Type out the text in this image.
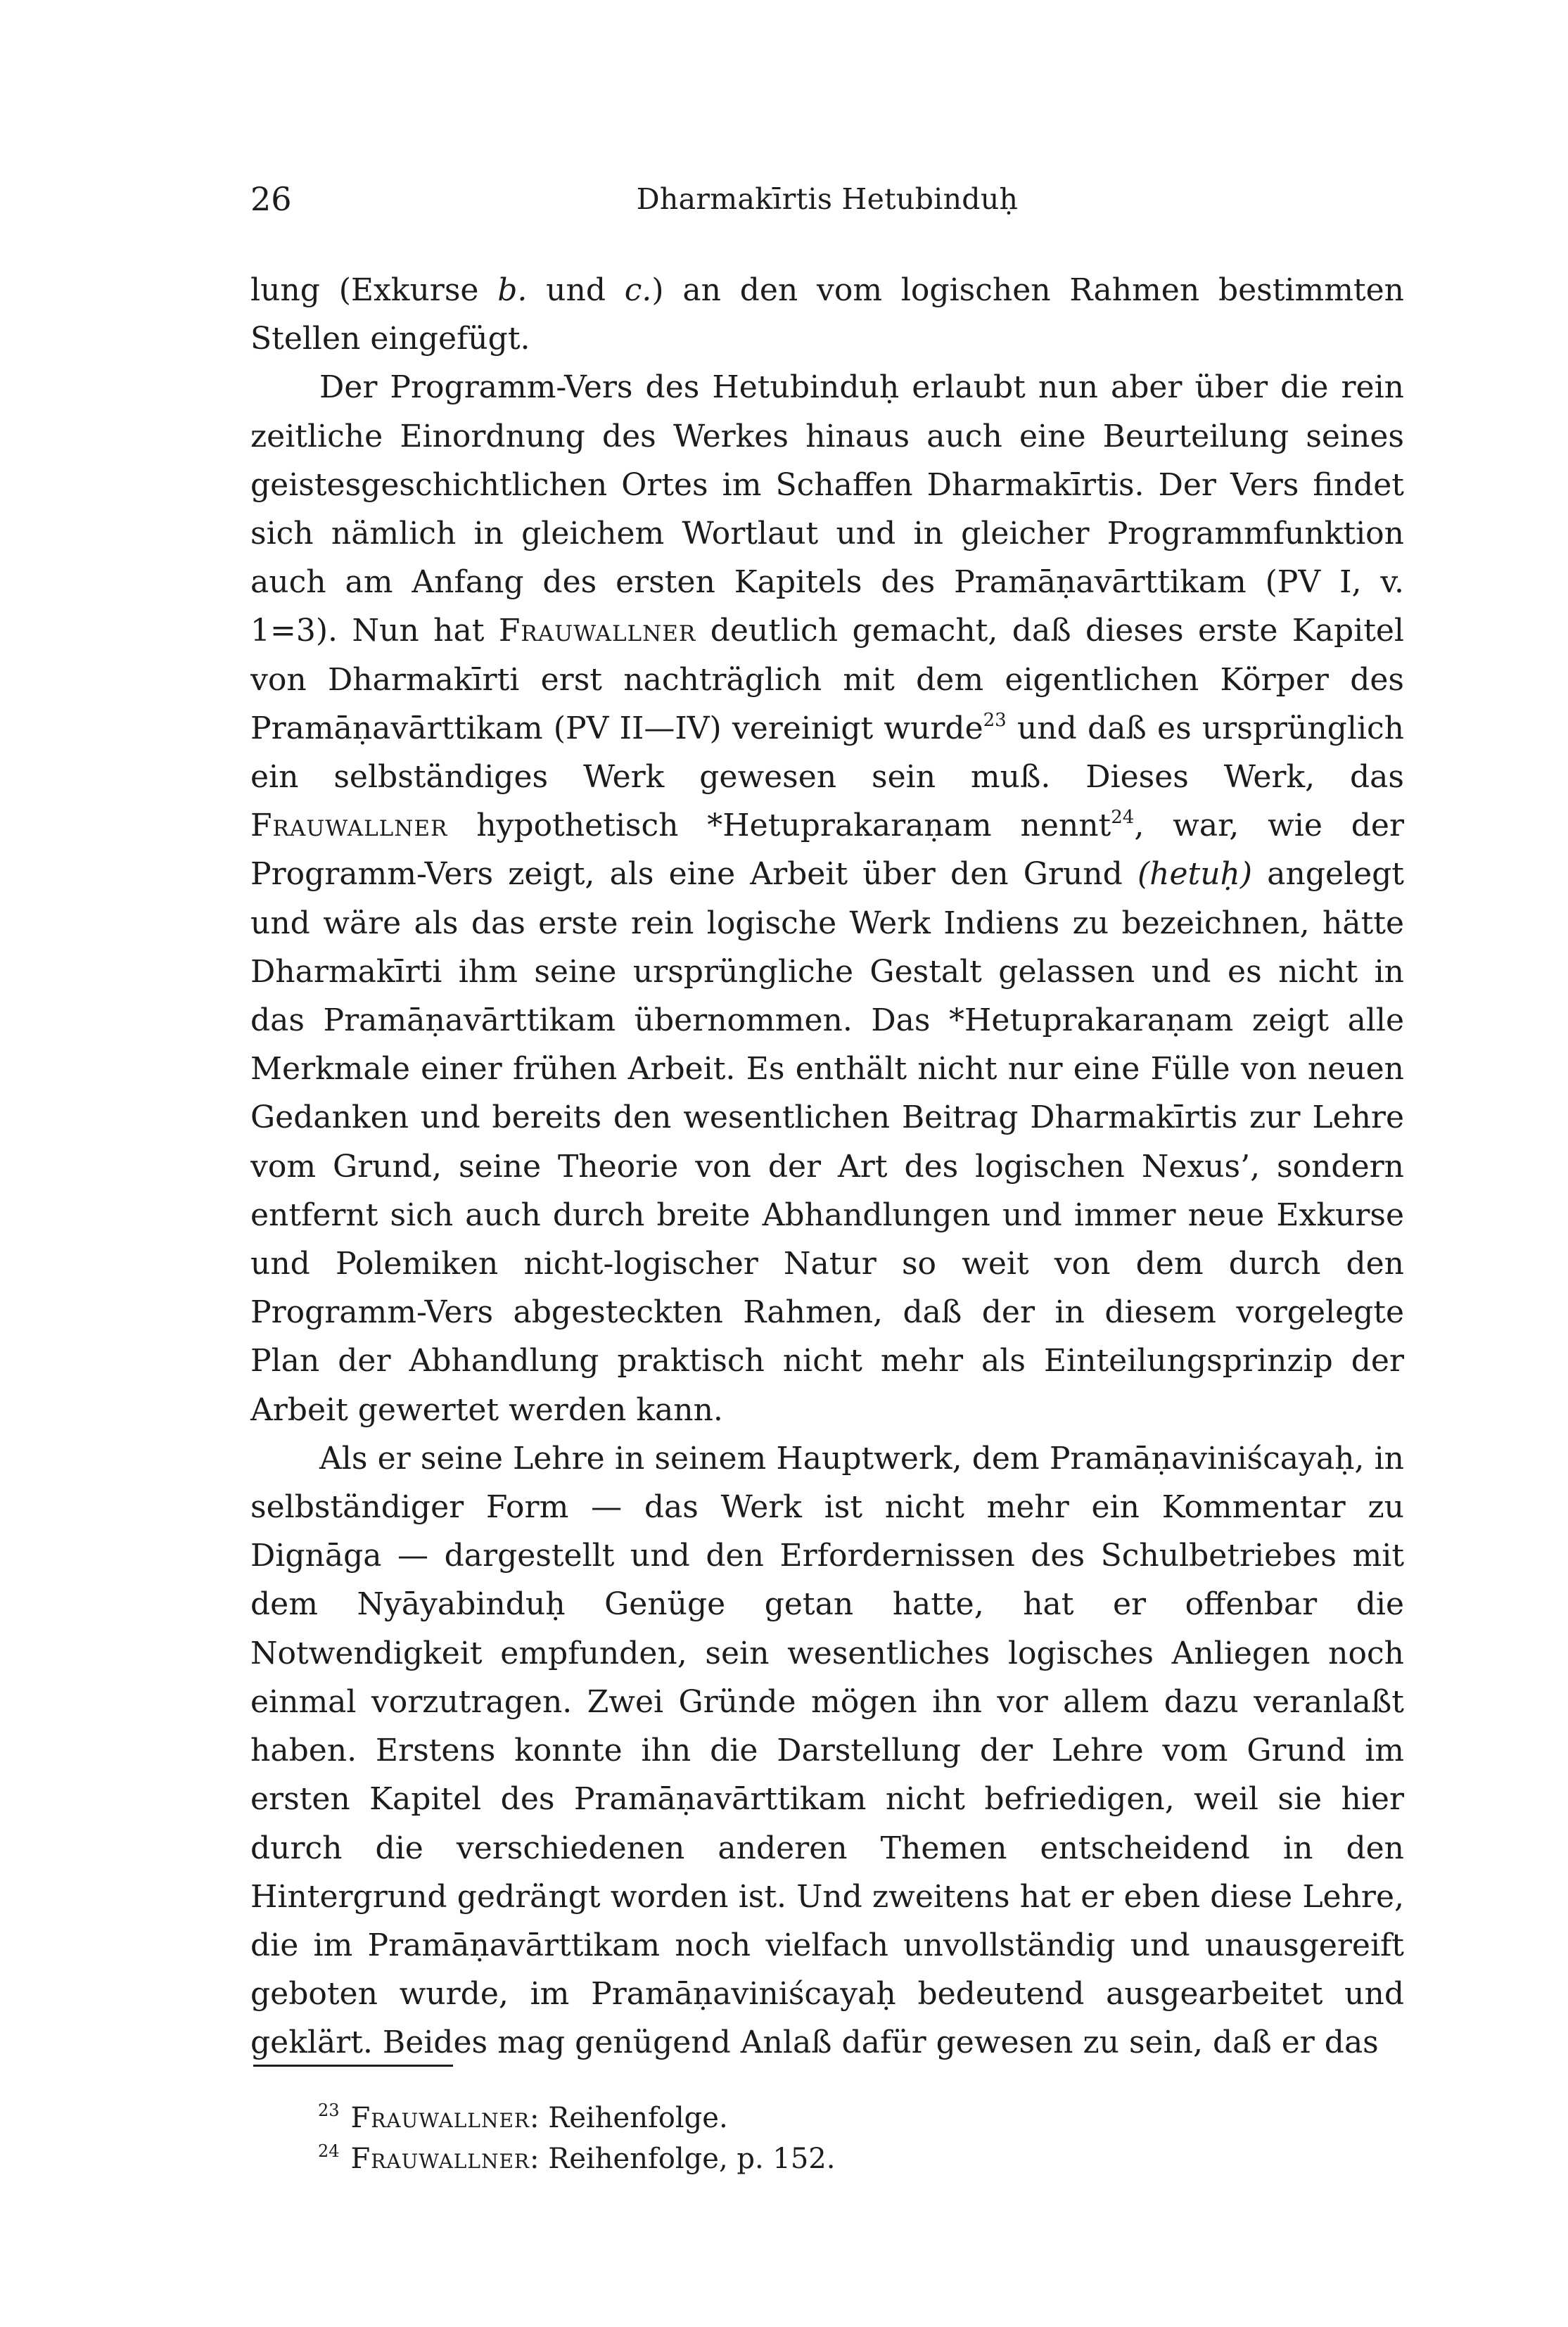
26	Dharmakīrtis Hetubinduḥ

lung (Exkurse b. und c.) an den vom logischen Rahmen bestimmten Stellen eingefügt.

Der Programm-Vers des Hetubinduḥ erlaubt nun aber über die rein zeitliche Einordnung des Werkes hinaus auch eine Beurteilung seines geistesgeschichtlichen Ortes im Schaffen Dharmakīrtis. Der Vers findet sich nämlich in gleichem Wortlaut und in gleicher Programmfunktion auch am Anfang des ersten Kapitels des Pramāṇavārttikam (PV I, v. 1=3). Nun hat Frauwallner deutlich gemacht, daß dieses erste Kapitel von Dharmakīrti erst nachträglich mit dem eigentlichen Körper des Pramāṇavārttikam (PV II—IV) vereinigt wurde$^{23}$ und daß es ursprünglich ein selbständiges Werk gewesen sein muß. Dieses Werk, das Frauwallner hypothetisch *Hetuprakaraṇam nennt$^{24}$, war, wie der Programm-Vers zeigt, als eine Arbeit über den Grund (hetuḥ) angelegt und wäre als das erste rein logische Werk Indiens zu bezeichnen, hätte Dharmakīrti ihm seine ursprüngliche Gestalt gelassen und es nicht in das Pramāṇavārttikam übernommen. Das *Hetuprakaraṇam zeigt alle Merkmale einer frühen Arbeit. Es enthält nicht nur eine Fülle von neuen Gedanken und bereits den wesentlichen Beitrag Dharmakīrtis zur Lehre vom Grund, seine Theorie von der Art des logischen Nexus’, sondern entfernt sich auch durch breite Abhandlungen und immer neue Exkurse und Polemiken nicht-logischer Natur so weit von dem durch den Programm-Vers abgesteckten Rahmen, daß der in diesem vorgelegte Plan der Abhandlung praktisch nicht mehr als Einteilungsprinzip der Arbeit gewertet werden kann.

Als er seine Lehre in seinem Hauptwerk, dem Pramāṇaviniścayaḥ, in selbständiger Form — das Werk ist nicht mehr ein Kommentar zu Dignāga — dargestellt und den Erfordernissen des Schulbetriebes mit dem Nyāyabinduḥ Genüge getan hatte, hat er offenbar die Notwendigkeit empfunden, sein wesentliches logisches Anliegen noch einmal vorzutragen. Zwei Gründe mögen ihn vor allem dazu veranlaßt haben. Erstens konnte ihn die Darstellung der Lehre vom Grund im ersten Kapitel des Pramāṇavārttikam nicht befriedigen, weil sie hier durch die verschiedenen anderen Themen entscheidend in den Hintergrund gedrängt worden ist. Und zweitens hat er eben diese Lehre, die im Pramāṇavārttikam noch vielfach unvollständig und unausgereift geboten wurde, im Pramāṇaviniścayaḥ bedeutend ausgearbeitet und geklärt. Beides mag genügend Anlaß dafür gewesen zu sein, daß er das

$^{23}$ Frauwallner: Reihenfolge.
$^{24}$ Frauwallner: Reihenfolge, p. 152.
